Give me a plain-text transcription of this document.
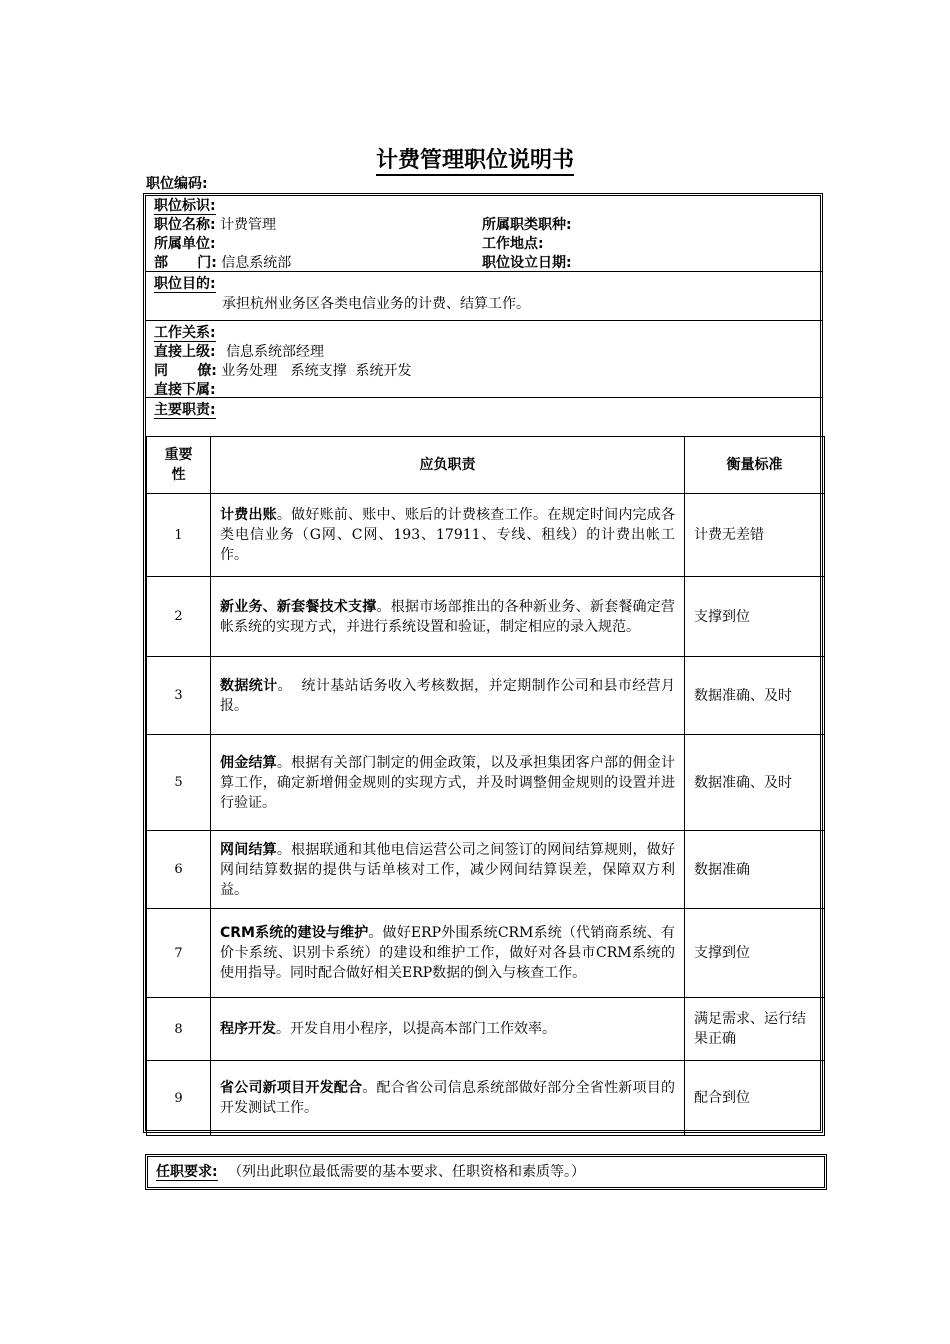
计费管理职位说明书
职位编码:
职位标识:
职位名称: 计费管理	所属职类职种:
所属单位:	工作地点:
部      门: 信息系统部	职位设立日期:
职位目的:
承担杭州业务区各类电信业务的计费、结算工作。
工作关系:
直接上级: 信息系统部经理
同      僚: 业务处理   系统支撑  系统开发
直接下属:
主要职责:
重要性	应负职责	衡量标准
1	计费出账。做好账前、账中、账后的计费核查工作。在规定时间内完成各类电信业务（G网、C网、193、17911、专线、租线）的计费出帐工作。	计费无差错
2	新业务、新套餐技术支撑。根据市场部推出的各种新业务、新套餐确定营帐系统的实现方式，并进行系统设置和验证，制定相应的录入规范。	支撑到位
3	数据统计。  统计基站话务收入考核数据，并定期制作公司和县市经营月报。	数据准确、及时
5	佣金结算。根据有关部门制定的佣金政策，以及承担集团客户部的佣金计算工作，确定新增佣金规则的实现方式，并及时调整佣金规则的设置并进行验证。	数据准确、及时
6	网间结算。根据联通和其他电信运营公司之间签订的网间结算规则，做好网间结算数据的提供与话单核对工作，减少网间结算误差，保障双方利益。	数据准确
7	CRM系统的建设与维护。做好ERP外围系统CRM系统（代销商系统、有价卡系统、识别卡系统）的建设和维护工作，做好对各县市CRM系统的使用指导。同时配合做好相关ERP数据的倒入与核查工作。	支撑到位
8	程序开发。开发自用小程序，以提高本部门工作效率。	满足需求、运行结果正确
9	省公司新项目开发配合。配合省公司信息系统部做好部分全省性新项目的开发测试工作。	配合到位
任职要求: （列出此职位最低需要的基本要求、任职资格和素质等。）
